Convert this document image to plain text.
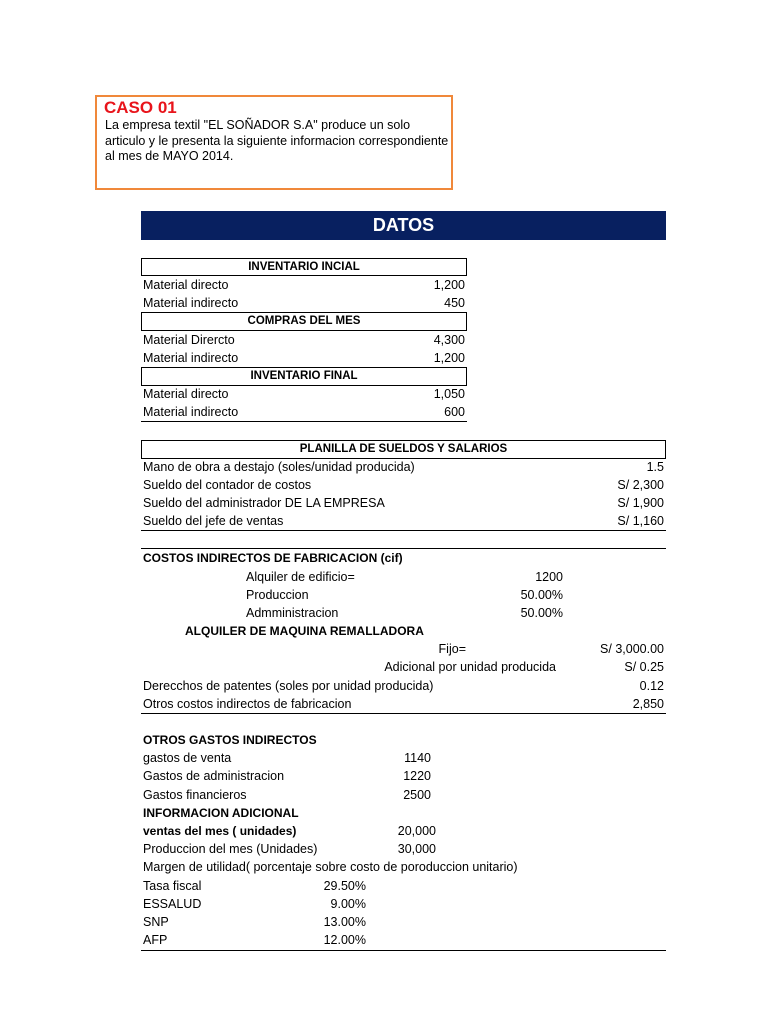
CASO 01
La empresa textil "EL SOÑADOR S.A" produce un solo articulo y le presenta la siguiente informacion correspondiente al mes de MAYO 2014.
DATOS
INVENTARIO INCIAL
Material directo	1,200
Material indirecto	450
COMPRAS DEL MES
Material Dirercto	4,300
Material indirecto	1,200
INVENTARIO FINAL
Material directo	1,050
Material indirecto	600
PLANILLA DE SUELDOS Y SALARIOS
Mano de obra a destajo (soles/unidad producida)	1.5
Sueldo del contador de costos	S/ 2,300
Sueldo del administrador DE LA EMPRESA	S/ 1,900
Sueldo del jefe de ventas	S/ 1,160
COSTOS INDIRECTOS DE FABRICACION (cif)
Alquiler de edificio=	1200
Produccion	50.00%
Admministracion	50.00%
ALQUILER DE MAQUINA REMALLADORA
Fijo=	S/ 3,000.00
Adicional por unidad producida	S/ 0.25
Derecchos de patentes (soles por unidad producida)	0.12
Otros costos indirectos de fabricacion	2,850
OTROS GASTOS INDIRECTOS
gastos de venta	1140
Gastos de administracion	1220
Gastos financieros	2500
INFORMACION ADICIONAL
ventas del mes ( unidades)	20,000
Produccion del mes (Unidades)	30,000
Margen de utilidad( porcentaje sobre costo de poroduccion unitario)
Tasa fiscal	29.50%
ESSALUD	9.00%
SNP	13.00%
AFP	12.00%
